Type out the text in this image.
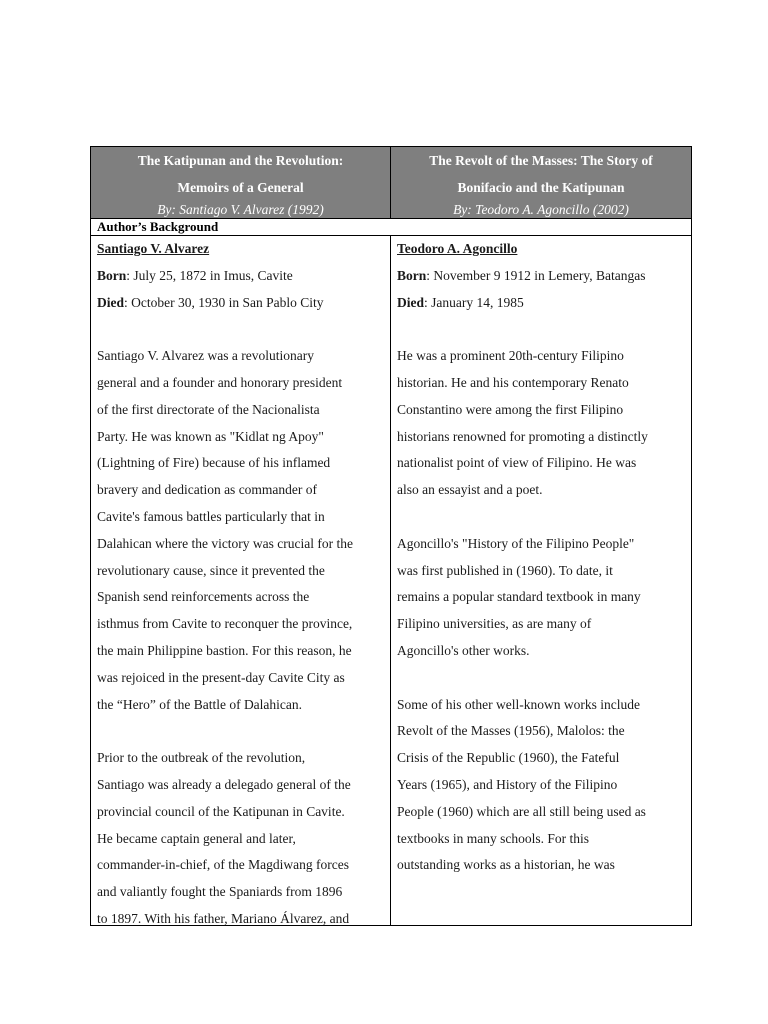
The Katipunan and the Revolution:
Memoirs of a General
By: Santiago V. Alvarez (1992)
The Revolt of the Masses: The Story of
Bonifacio and the Katipunan
By: Teodoro A. Agoncillo (2002)
Author’s Background
Santiago V. Alvarez
Born: July 25, 1872 in Imus, Cavite
Died: October 30, 1930 in San Pablo City
Santiago V. Alvarez was a revolutionary
general and a founder and honorary president
of the first directorate of the Nacionalista
Party. He was known as "Kidlat ng Apoy"
(Lightning of Fire) because of his inflamed
bravery and dedication as commander of
Cavite's famous battles particularly that in
Dalahican where the victory was crucial for the
revolutionary cause, since it prevented the
Spanish send reinforcements across the
isthmus from Cavite to reconquer the province,
the main Philippine bastion. For this reason, he
was rejoiced in the present-day Cavite City as
the “Hero” of the Battle of Dalahican.
Prior to the outbreak of the revolution,
Santiago was already a delegado general of the
provincial council of the Katipunan in Cavite.
He became captain general and later,
commander-in-chief, of the Magdiwang forces
and valiantly fought the Spaniards from 1896
to 1897. With his father, Mariano Álvarez, and
Teodoro A. Agoncillo
Born: November 9 1912 in Lemery, Batangas
Died: January 14, 1985
He was a prominent 20th-century Filipino
historian. He and his contemporary Renato
Constantino were among the first Filipino
historians renowned for promoting a distinctly
nationalist point of view of Filipino. He was
also an essayist and a poet.
Agoncillo's "History of the Filipino People"
was first published in (1960). To date, it
remains a popular standard textbook in many
Filipino universities, as are many of
Agoncillo's other works.
Some of his other well-known works include
Revolt of the Masses (1956), Malolos: the
Crisis of the Republic (1960), the Fateful
Years (1965), and History of the Filipino
People (1960) which are all still being used as
textbooks in many schools. For this
outstanding works as a historian, he was
